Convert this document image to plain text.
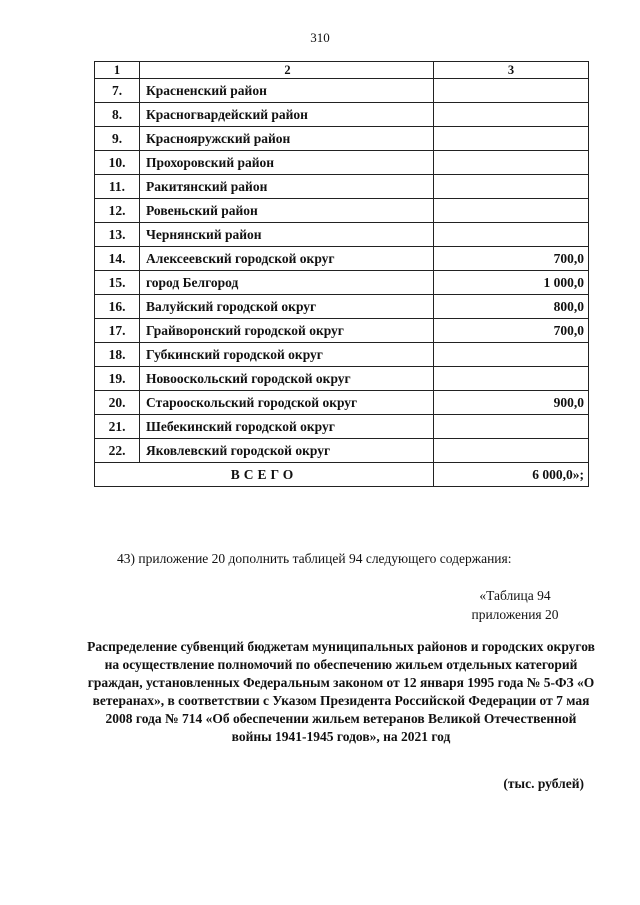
310
1	2	3
7.	Красненский район	
8.	Красногвардейский район	
9.	Краснояружский район	
10.	Прохоровский район	
11.	Ракитянский район	
12.	Ровеньский район	
13.	Чернянский район	
14.	Алексеевский городской округ	700,0
15.	город Белгород	1 000,0
16.	Валуйский городской округ	800,0
17.	Грайворонский городской округ	700,0
18.	Губкинский городской округ	
19.	Новооскольский городской округ	
20.	Старооскольский городской округ	900,0
21.	Шебекинский городской округ	
22.	Яковлевский городской округ	
ВСЕГО		6 000,0»;
43) приложение 20 дополнить таблицей 94 следующего содержания:
«Таблица 94
приложения 20
Распределение субвенций бюджетам муниципальных районов и городских округов на осуществление полномочий по обеспечению жильем отдельных категорий граждан, установленных Федеральным законом от 12 января 1995 года № 5-ФЗ «О ветеранах», в соответствии с Указом Президента Российской Федерации от 7 мая 2008 года № 714 «Об обеспечении жильем ветеранов Великой Отечественной войны 1941-1945 годов», на 2021 год
(тыс. рублей)
